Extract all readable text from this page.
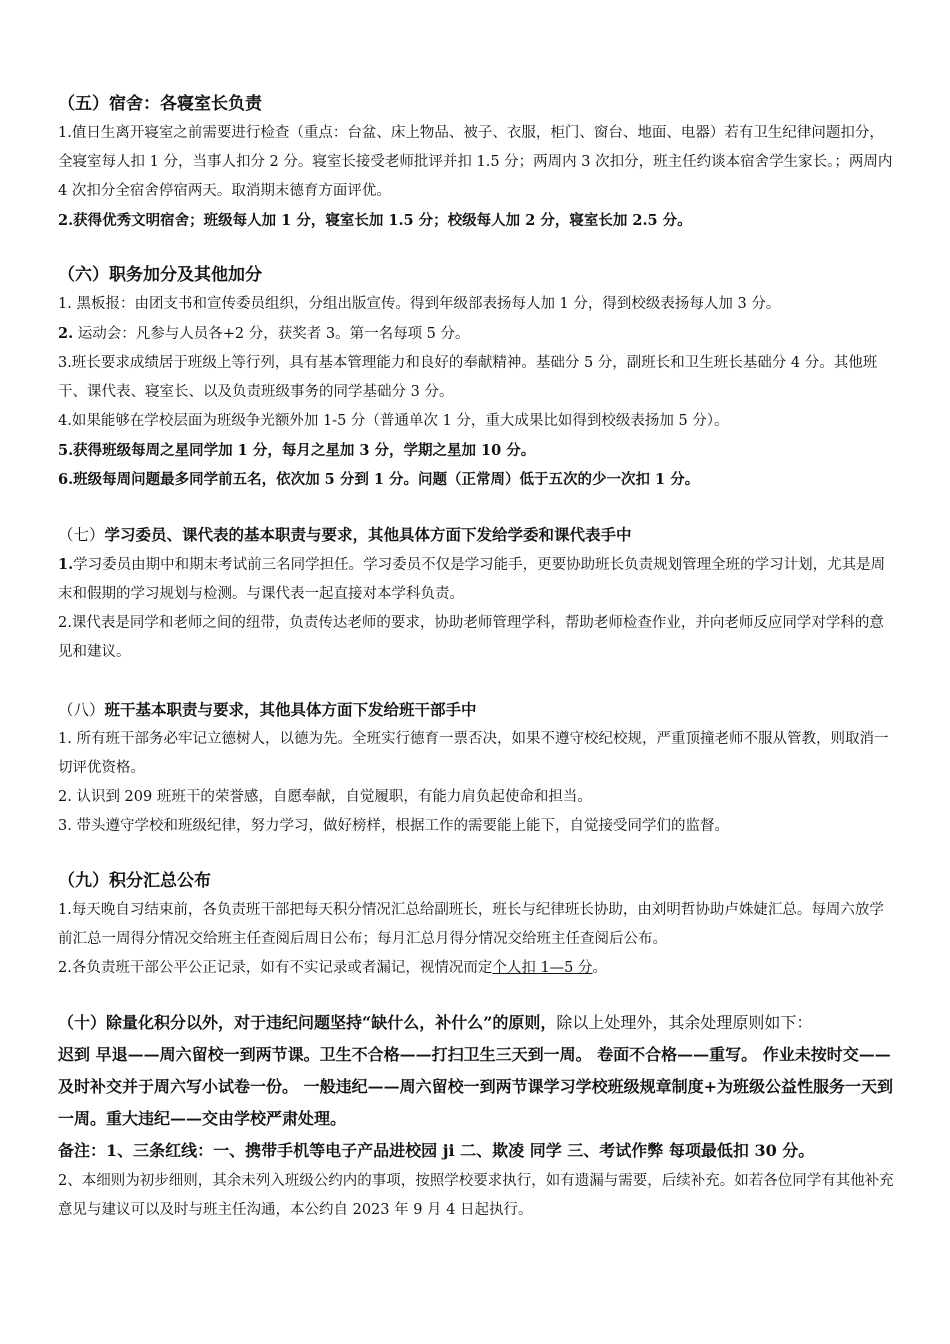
（五）宿舍：各寝室长负责

1.值日生离开寝室之前需要进行检查（重点：台盆、床上物品、被子、衣服，柜门、窗台、地面、电器）若有卫生纪律问题扣分，全寝室每人扣 1 分，当事人扣分 2 分。寝室长接受老师批评并扣 1.5 分；两周内 3 次扣分，班主任约谈本宿舍学生家长。；两周内 4 次扣分全宿舍停宿两天。取消期末德育方面评优。

2.获得优秀文明宿舍；班级每人加 1 分，寝室长加 1.5 分；校级每人加 2 分，寝室长加 2.5 分。

（六）职务加分及其他加分

1. 黑板报：由团支书和宣传委员组织，分组出版宣传。得到年级部表扬每人加 1 分，得到校级表扬每人加 3 分。

2. 运动会：凡参与人员各+2 分，获奖者 3。第一名每项 5 分。

3.班长要求成绩居于班级上等行列，具有基本管理能力和良好的奉献精神。基础分 5 分，副班长和卫生班长基础分 4 分。其他班干、课代表、寝室长、以及负责班级事务的同学基础分 3 分。

4.如果能够在学校层面为班级争光额外加 1-5 分（普通单次 1 分，重大成果比如得到校级表扬加 5 分）。

5.获得班级每周之星同学加 1 分，每月之星加 3 分，学期之星加 10 分。

6.班级每周问题最多同学前五名，依次加 5 分到 1 分。问题（正常周）低于五次的少一次扣 1 分。

（七）学习委员、课代表的基本职责与要求，其他具体方面下发给学委和课代表手中

1.学习委员由期中和期末考试前三名同学担任。学习委员不仅是学习能手，更要协助班长负责规划管理全班的学习计划，尤其是周末和假期的学习规划与检测。与课代表一起直接对本学科负责。

2.课代表是同学和老师之间的纽带，负责传达老师的要求，协助老师管理学科，帮助老师检查作业，并向老师反应同学对学科的意见和建议。

（八）班干基本职责与要求，其他具体方面下发给班干部手中

1. 所有班干部务必牢记立德树人，以德为先。全班实行德育一票否决，如果不遵守校纪校规，严重顶撞老师不服从管教，则取消一切评优资格。

2. 认识到 209 班班干的荣誉感，自愿奉献，自觉履职，有能力肩负起使命和担当。

3. 带头遵守学校和班级纪律，努力学习，做好榜样，根据工作的需要能上能下，自觉接受同学们的监督。

（九）积分汇总公布

1.每天晚自习结束前，各负责班干部把每天积分情况汇总给副班长，班长与纪律班长协助，由刘明哲协助卢姝婕汇总。每周六放学前汇总一周得分情况交给班主任查阅后周日公布；每月汇总月得分情况交给班主任查阅后公布。

2.各负责班干部公平公正记录，如有不实记录或者漏记，视情况而定个人扣 1—5 分。

（十）除量化积分以外，对于违纪问题坚持“缺什么，补什么”的原则，除以上处理外，其余处理原则如下：

迟到 早退——周六留校一到两节课。卫生不合格——打扫卫生三天到一周。 卷面不合格——重写。 作业未按时交——及时补交并于周六写小试卷一份。 一般违纪——周六留校一到两节课学习学校班级规章制度+为班级公益性服务一天到一周。重大违纪——交由学校严肃处理。

备注：1、三条红线：一、携带手机等电子产品进校园 ji 二、欺凌 同学 三、考试作弊 每项最低扣 30 分。

2、本细则为初步细则，其余未列入班级公约内的事项，按照学校要求执行，如有遗漏与需要，后续补充。如若各位同学有其他补充意见与建议可以及时与班主任沟通，本公约自 2023 年 9 月 4 日起执行。
